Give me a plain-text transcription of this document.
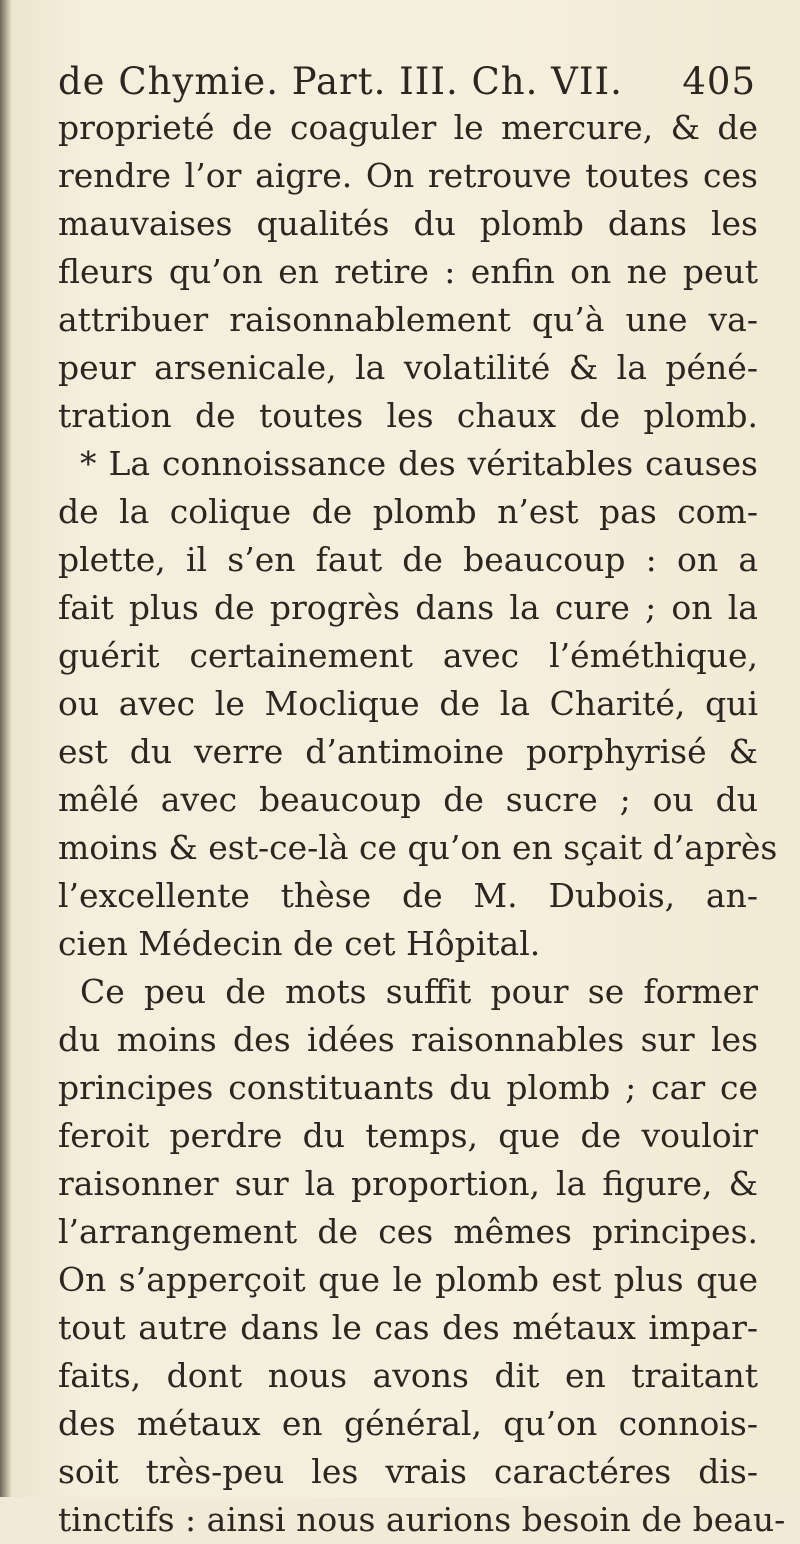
de Chymie. Part. III. Ch. VII. 405
proprieté de coaguler le mercure, & de
rendre l’or aigre. On retrouve toutes ces
mauvaises qualités du plomb dans les
fleurs qu’on en retire : enfin on ne peut
attribuer raisonnablement qu’à une va-
peur arsenicale, la volatilité & la péné-
tration de toutes les chaux de plomb.
* La connoissance des véritables causes
de la colique de plomb n’est pas com-
plette, il s’en faut de beaucoup : on a
fait plus de progrès dans la cure ; on la
guérit certainement avec l’éméthique,
ou avec le Moclique de la Charité, qui
est du verre d’antimoine porphyrisé &
mêlé avec beaucoup de sucre ; ou du
moins & est-ce-là ce qu’on en sçait d’après
l’excellente thèse de M. Dubois, an-
cien Médecin de cet Hôpital.
Ce peu de mots suffit pour se former
du moins des idées raisonnables sur les
principes constituants du plomb ; car ce
feroit perdre du temps, que de vouloir
raisonner sur la proportion, la figure, &
l’arrangement de ces mêmes principes.
On s’apperçoit que le plomb est plus que
tout autre dans le cas des métaux impar-
faits, dont nous avons dit en traitant
des métaux en général, qu’on connois-
soit très-peu les vrais caractéres dis-
tinctifs : ainsi nous aurions besoin de beau-
